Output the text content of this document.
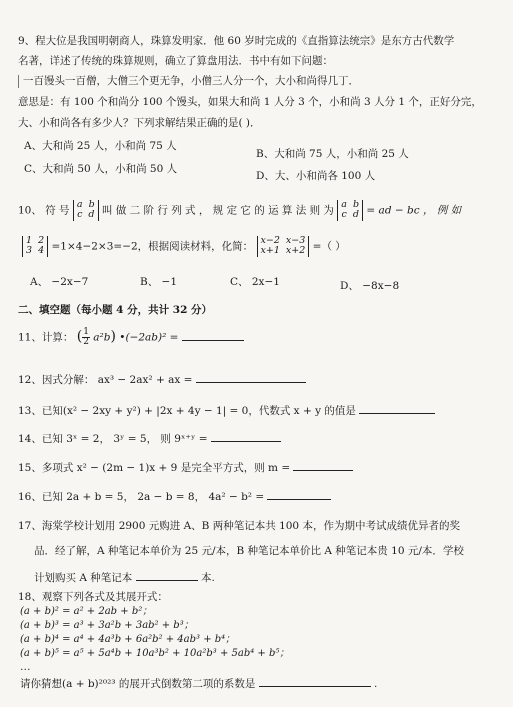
9、程大位是我国明朝商人，珠算发明家．他 60 岁时完成的《直指算法统宗》是东方古代数学
名著，详述了传统的珠算规则，确立了算盘用法．书中有如下问题：
一百馒头一百僧，大僧三个更无争，小僧三人分一个，大小和尚得几丁．
意思是：有 100 个和尚分 100 个馒头，如果大和尚 1 人分 3 个，小和尚 3 人分 1 个，正好分完，
大、小和尚各有多少人？下列求解结果正确的是( )．
A、大和尚 25 人，小和尚 75 人
B、大和尚 75 人，小和尚 25 人
C、大和尚 50 人，小和尚 50 人
D、大、小和尚各 100 人
10、 符 号 a  b
c  d 叫 做 二 阶 行 列 式 ， 规 定 它 的 运 算 法 则 为 a  b
c  d = ad − bc ， 例 如
1  2
3  4 =1×4−2×3=−2，根据阅读材料，化简： x−2  x−3
x+1  x+2 =（ ）
A、 −2x−7	B、 −1	C、 2x−1	D、 −8x−8
二、填空题（每小题 4 分，共计 32 分）
11、计算： ( $\frac{1}{2} a^2b$) •(−2ab)² =
12、因式分解： ax³ − 2ax² + ax =
13、已知(x² − 2xy + y²) + |2x + 4y − 1| = 0，代数式 x + y 的值是
14、已知 3ˣ = 2， 3ʸ = 5， 则 9ˣ⁺ʸ =
15、多项式 x² − (2m − 1)x + 9 是完全平方式，则 m =
16、已知 2a + b = 5， 2a − b = 8， 4a² − b² =
17、海棠学校计划用 2900 元购进 A、B 两种笔记本共 100 本，作为期中考试成绩优异者的奖
品．经了解，A 种笔记本单价为 25 元/本，B 种笔记本单价比 A 种笔记本贵 10 元/本．学校
计划购买 A 种笔记本	本.
18、观察下列各式及其展开式：
(a + b)² = a² + 2ab + b²；
(a + b)³ = a³ + 3a²b + 3ab² + b³；
(a + b)⁴ = a⁴ + 4a³b + 6a²b² + 4ab³ + b⁴；
(a + b)⁵ = a⁵ + 5a⁴b + 10a³b² + 10a²b³ + 5ab⁴ + b⁵；
…
请你猜想(a + b)²⁰²³ 的展开式倒数第二项的系数是	.
